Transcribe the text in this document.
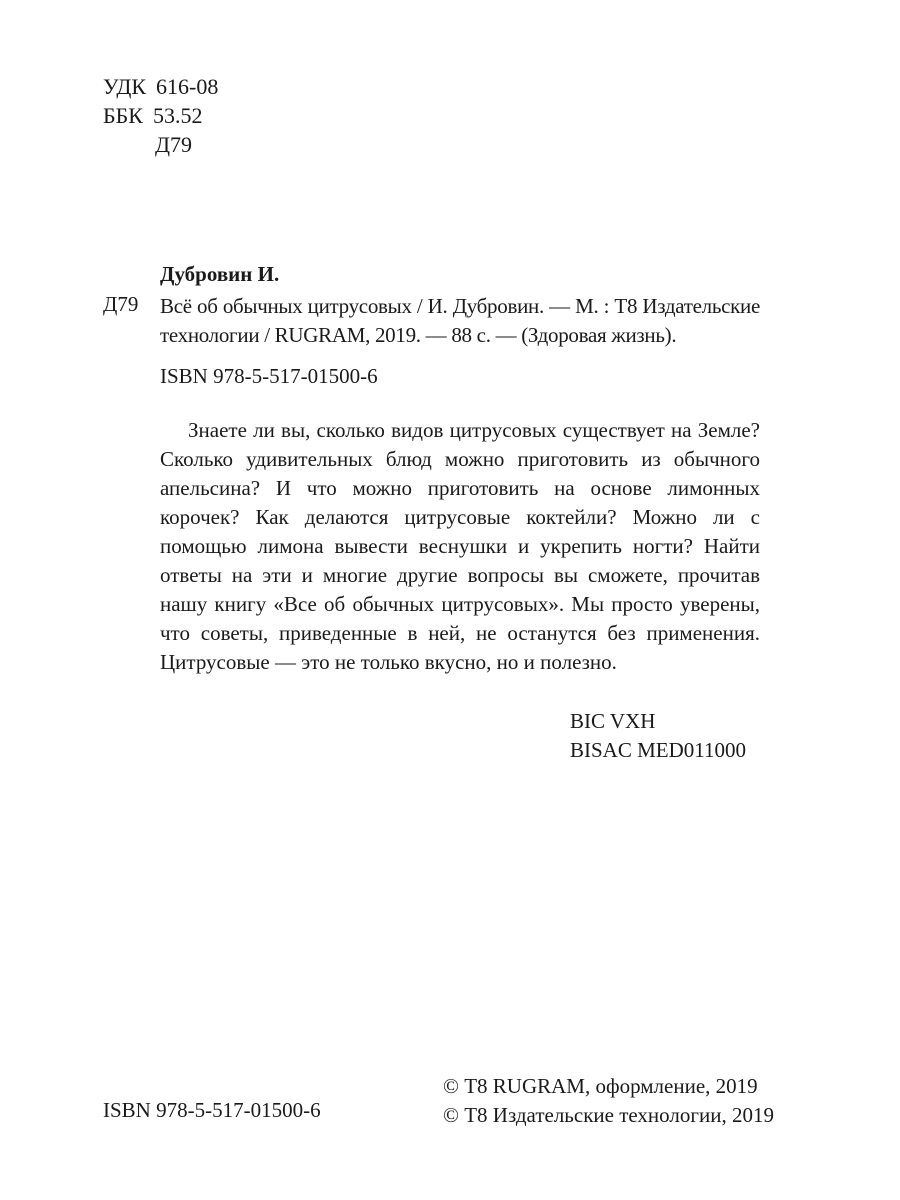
УДК 616-08
ББК 53.52
Д79
Д79
Дубровин И.
Всё об обычных цитрусовых / И. Дубровин. — М. : Т8 Издательские технологии / RUGRAM, 2019. — 88 с. — (Здоровая жизнь).
ISBN 978-5-517-01500-6

Знаете ли вы, сколько видов цитрусовых существует на Земле? Сколько удивительных блюд можно приготовить из обычного апельсина? И что можно приготовить на основе лимонных корочек? Как делаются цитрусовые коктейли? Можно ли с помощью лимона вывести веснушки и укрепить ногти? Найти ответы на эти и многие другие вопросы вы сможете, прочитав нашу книгу «Все об обычных цитрусовых». Мы просто уверены, что советы, приведенные в ней, не останутся без применения. Цитрусовые — это не только вкусно, но и полезно.

BIC VXH
BISAC MED011000
ISBN 978-5-517-01500-6
© Т8 RUGRAM, оформление, 2019
© Т8 Издательские технологии, 2019
